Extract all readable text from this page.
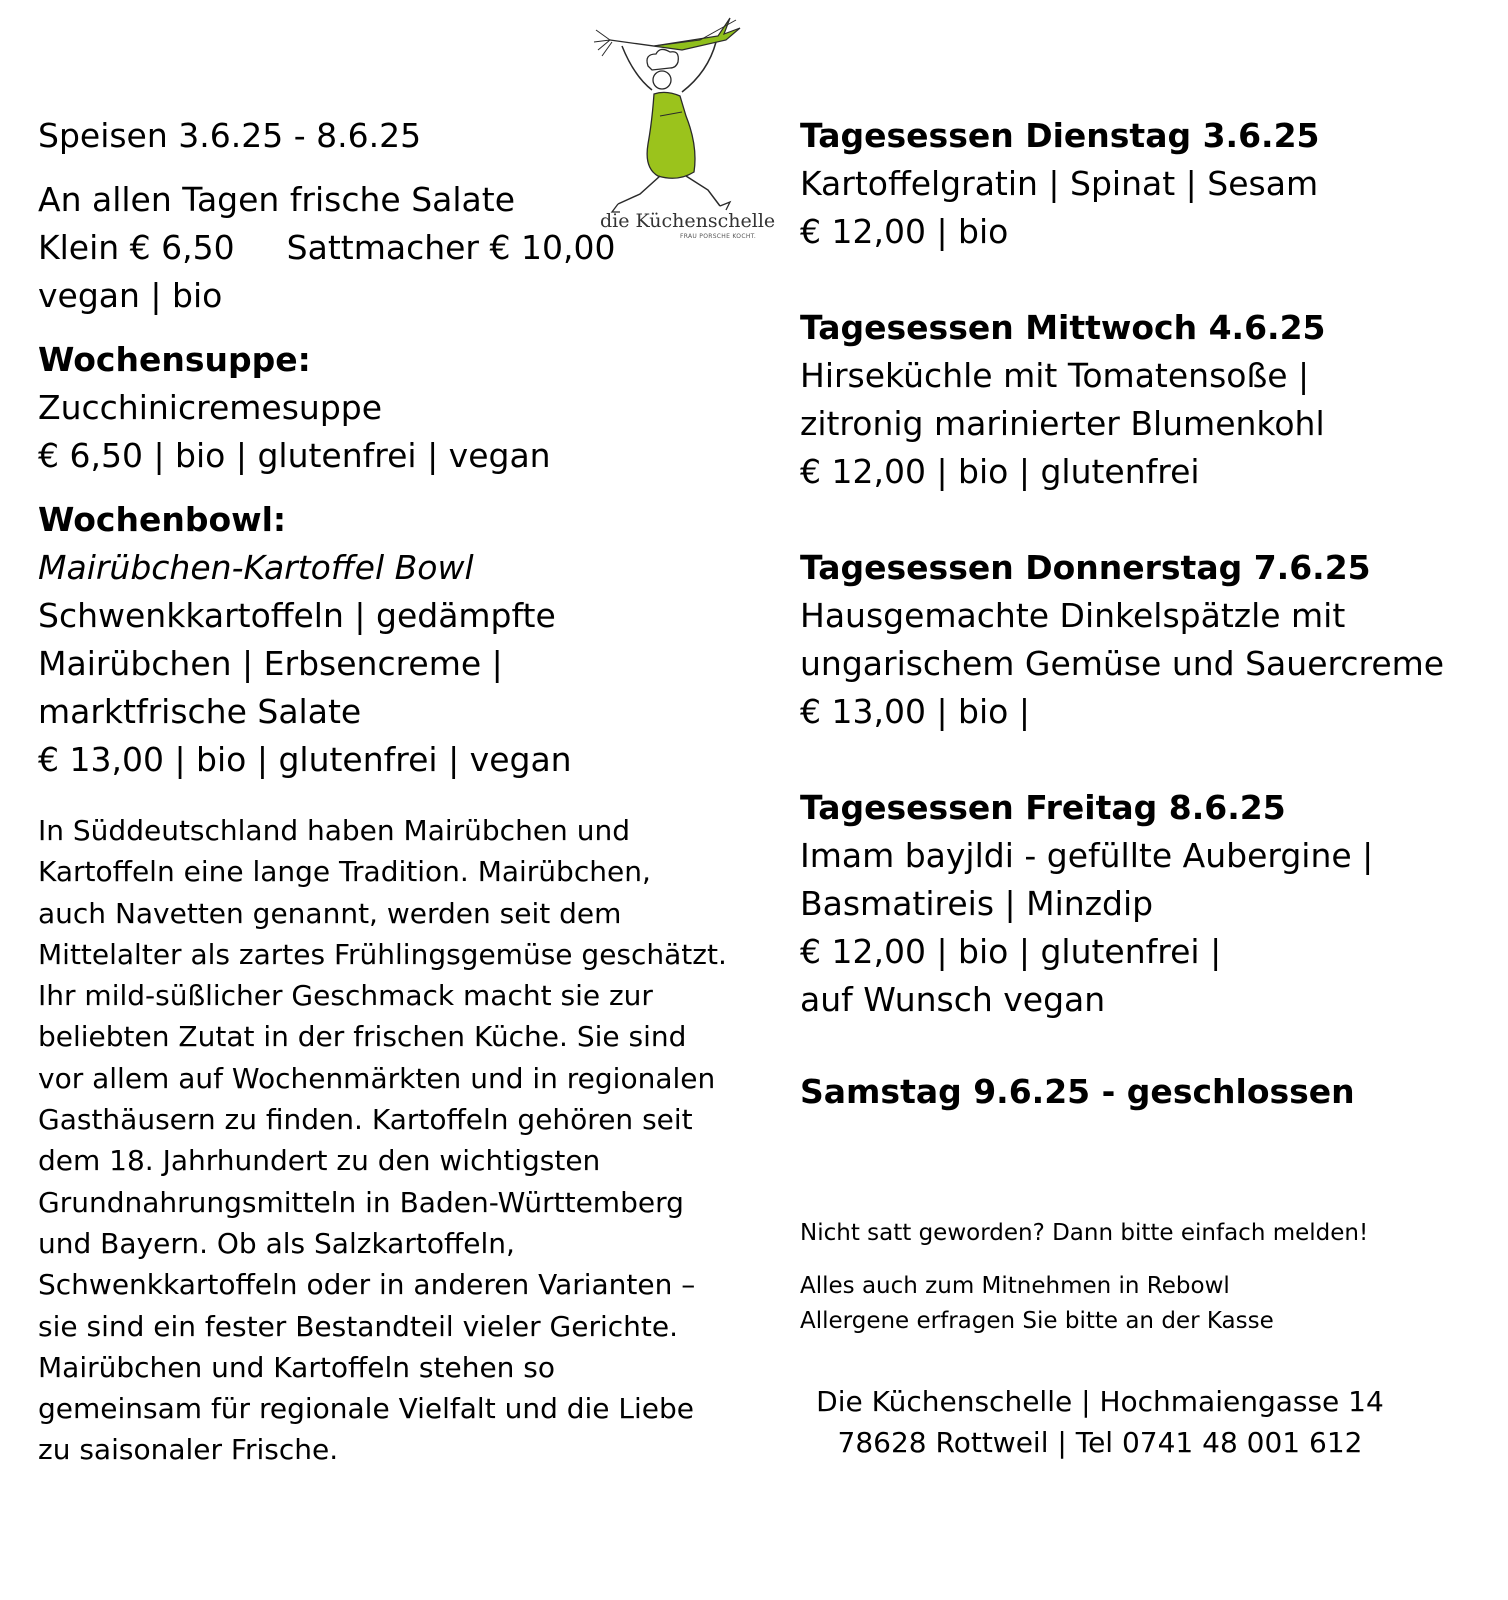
die Küchenschelle
FRAU PORSCHE KOCHT.

Speisen 3.6.25 - 8.6.25

An allen Tagen frische Salate

Klein € 6,50 Sattmacher € 10,00

vegan | bio

Wochensuppe:

Zucchinicremesuppe

€ 6,50 | bio | glutenfrei | vegan

Wochenbowl:

Mairübchen-Kartoffel Bowl

Schwenkkartoffeln | gedämpfte

Mairübchen | Erbsencreme |

marktfrische Salate

€ 13,00 | bio | glutenfrei | vegan

In Süddeutschland haben Mairübchen und

Kartoffeln eine lange Tradition. Mairübchen,

auch Navetten genannt, werden seit dem

Mittelalter als zartes Frühlingsgemüse geschätzt.

Ihr mild-süßlicher Geschmack macht sie zur

beliebten Zutat in der frischen Küche. Sie sind

vor allem auf Wochenmärkten und in regionalen

Gasthäusern zu finden. Kartoffeln gehören seit

dem 18. Jahrhundert zu den wichtigsten

Grundnahrungsmitteln in Baden-Württemberg

und Bayern. Ob als Salzkartoffeln,

Schwenkkartoffeln oder in anderen Varianten –

sie sind ein fester Bestandteil vieler Gerichte.

Mairübchen und Kartoffeln stehen so

gemeinsam für regionale Vielfalt und die Liebe

zu saisonaler Frische.

Tagesessen Dienstag 3.6.25

Kartoffelgratin | Spinat | Sesam

€ 12,00 | bio

Tagesessen Mittwoch 4.6.25

Hirseküchle mit Tomatensoße |

zitronig marinierter Blumenkohl

€ 12,00 | bio | glutenfrei

Tagesessen Donnerstag 7.6.25

Hausgemachte Dinkelspätzle mit

ungarischem Gemüse und Sauercreme

€ 13,00 | bio |

Tagesessen Freitag 8.6.25

Imam bayjldi - gefüllte Aubergine |

Basmatireis | Minzdip

€ 12,00 | bio | glutenfrei |

auf Wunsch vegan

Samstag 9.6.25 - geschlossen

Nicht satt geworden? Dann bitte einfach melden!

Alles auch zum Mitnehmen in Rebowl

Allergene erfragen Sie bitte an der Kasse

Die Küchenschelle | Hochmaiengasse 14

78628 Rottweil | Tel 0741 48 001 612
